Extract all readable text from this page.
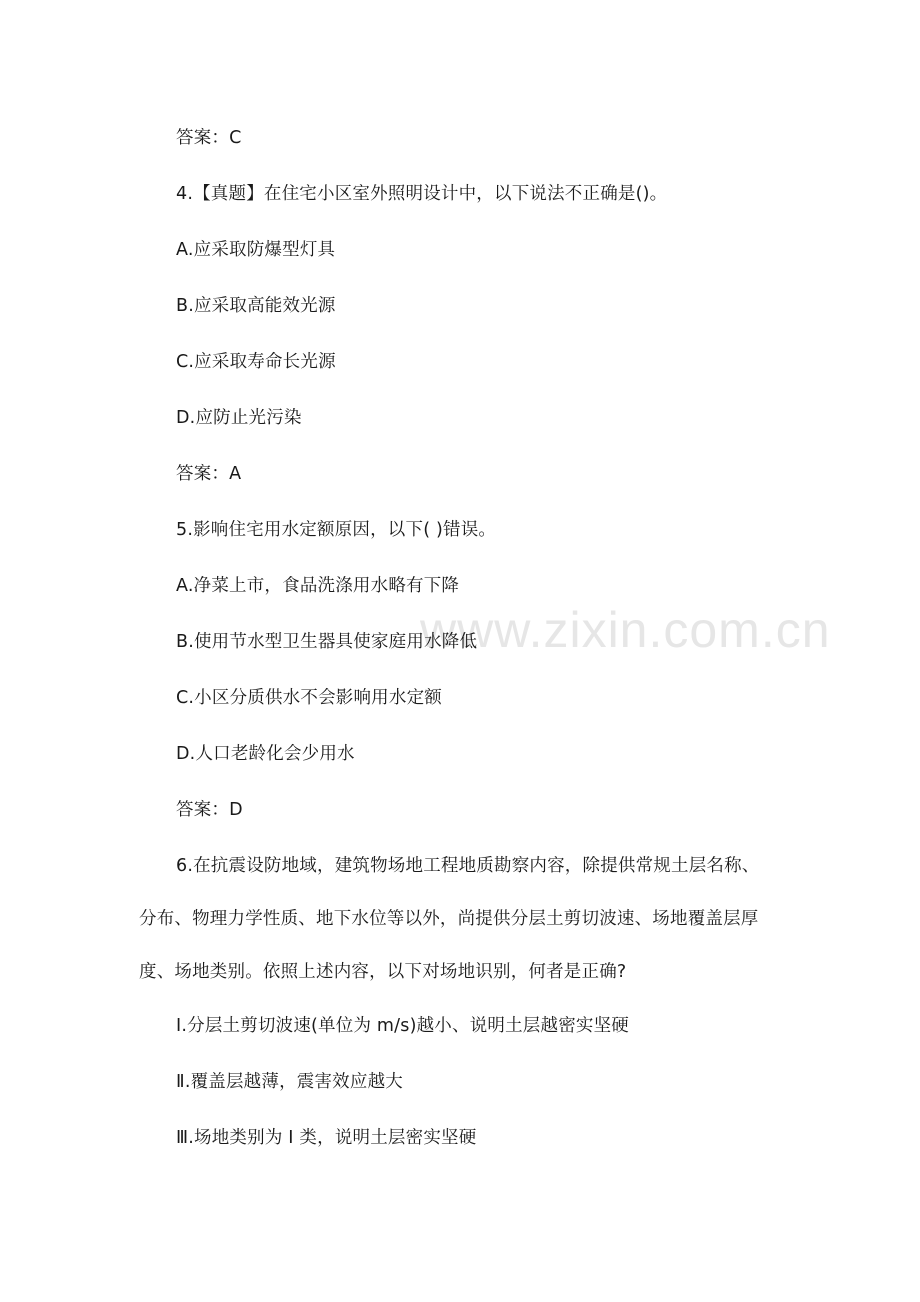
www.zixin.com.cn
答案：C
4.【真题】在住宅小区室外照明设计中，以下说法不正确是()。
A.应采取防爆型灯具
B.应采取高能效光源
C.应采取寿命长光源
D.应防止光污染
答案：A
5.影响住宅用水定额原因，以下( )错误。
A.净菜上市，食品洗涤用水略有下降
B.使用节水型卫生器具使家庭用水降低
C.小区分质供水不会影响用水定额
D.人口老龄化会少用水
答案：D
6.在抗震设防地域，建筑物场地工程地质勘察内容，除提供常规土层名称、
分布、物理力学性质、地下水位等以外，尚提供分层土剪切波速、场地覆盖层厚
度、场地类别。依照上述内容，以下对场地识别，何者是正确?
I.分层土剪切波速(单位为 m/s)越小、说明土层越密实坚硬
Ⅱ.覆盖层越薄，震害效应越大
Ⅲ.场地类别为 I 类，说明土层密实坚硬
